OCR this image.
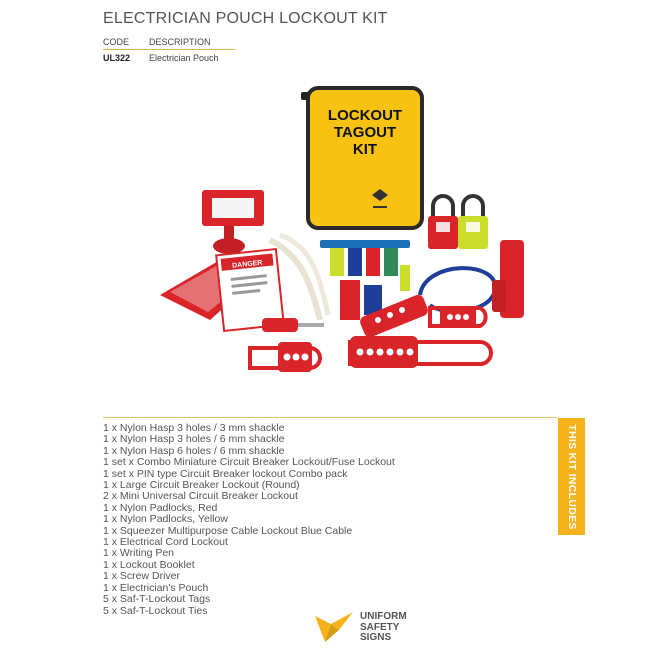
ELECTRICIAN POUCH LOCKOUT KIT
CODE	DESCRIPTION
UL322	Electrician Pouch
LOCKOUT
TAGOUT
KIT
DANGER
1 x Nylon Hasp 3 holes / 3 mm shackle
1 x Nylon Hasp 3 holes / 6 mm shackle
1 x Nylon Hasp 6 holes / 6 mm shackle
1 set x Combo Miniature Circuit Breaker Lockout/Fuse Lockout
1 set x PIN type Circuit Breaker lockout Combo pack
1 x Large Circuit Breaker Lockout (Round)
2 x Mini Universal Circuit Breaker Lockout
1 x Nylon Padlocks, Red
1 x Nylon Padlocks, Yellow
1 x Squeezer Multipurpose Cable Lockout Blue Cable
1 x Electrical Cord Lockout
1 x Writing Pen
1 x Lockout Booklet
1 x Screw Driver
1 x Electrician's Pouch
5 x Saf-T-Lockout Tags
5 x Saf-T-Lockout Ties
THIS KIT INCLUDES
UNIFORM
SAFETY
SIGNS
